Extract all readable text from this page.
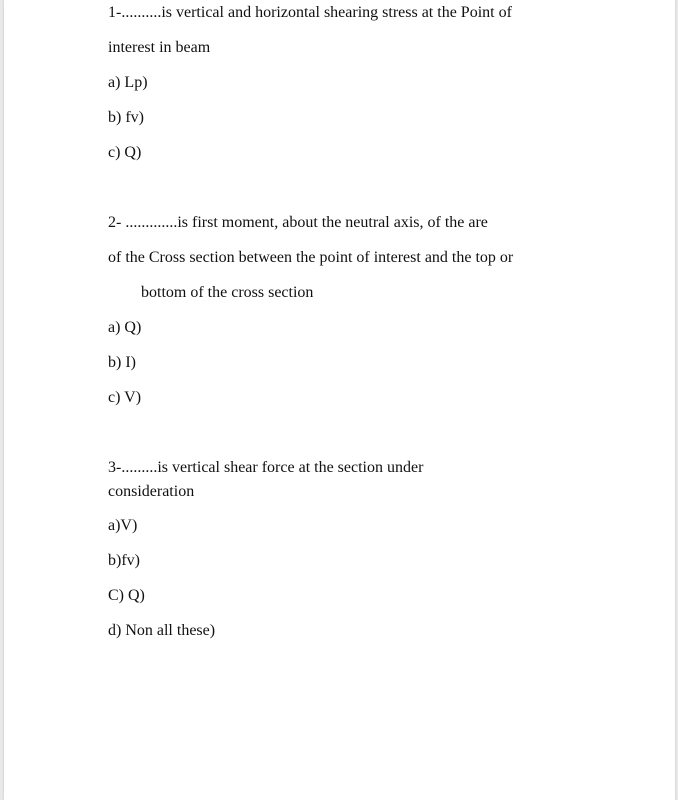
1-..........is vertical and horizontal shearing stress at the Point of
interest in beam
a) Lp)
b) fv)
c) Q)
2- .............is first moment, about the neutral axis, of the are
of the Cross section between the point of interest and the top or
bottom of the cross section
a) Q)
b) I)
c) V)
3-.........is vertical shear force at the section under
consideration
a)V)
b)fv)
C) Q)
d) Non all these)
